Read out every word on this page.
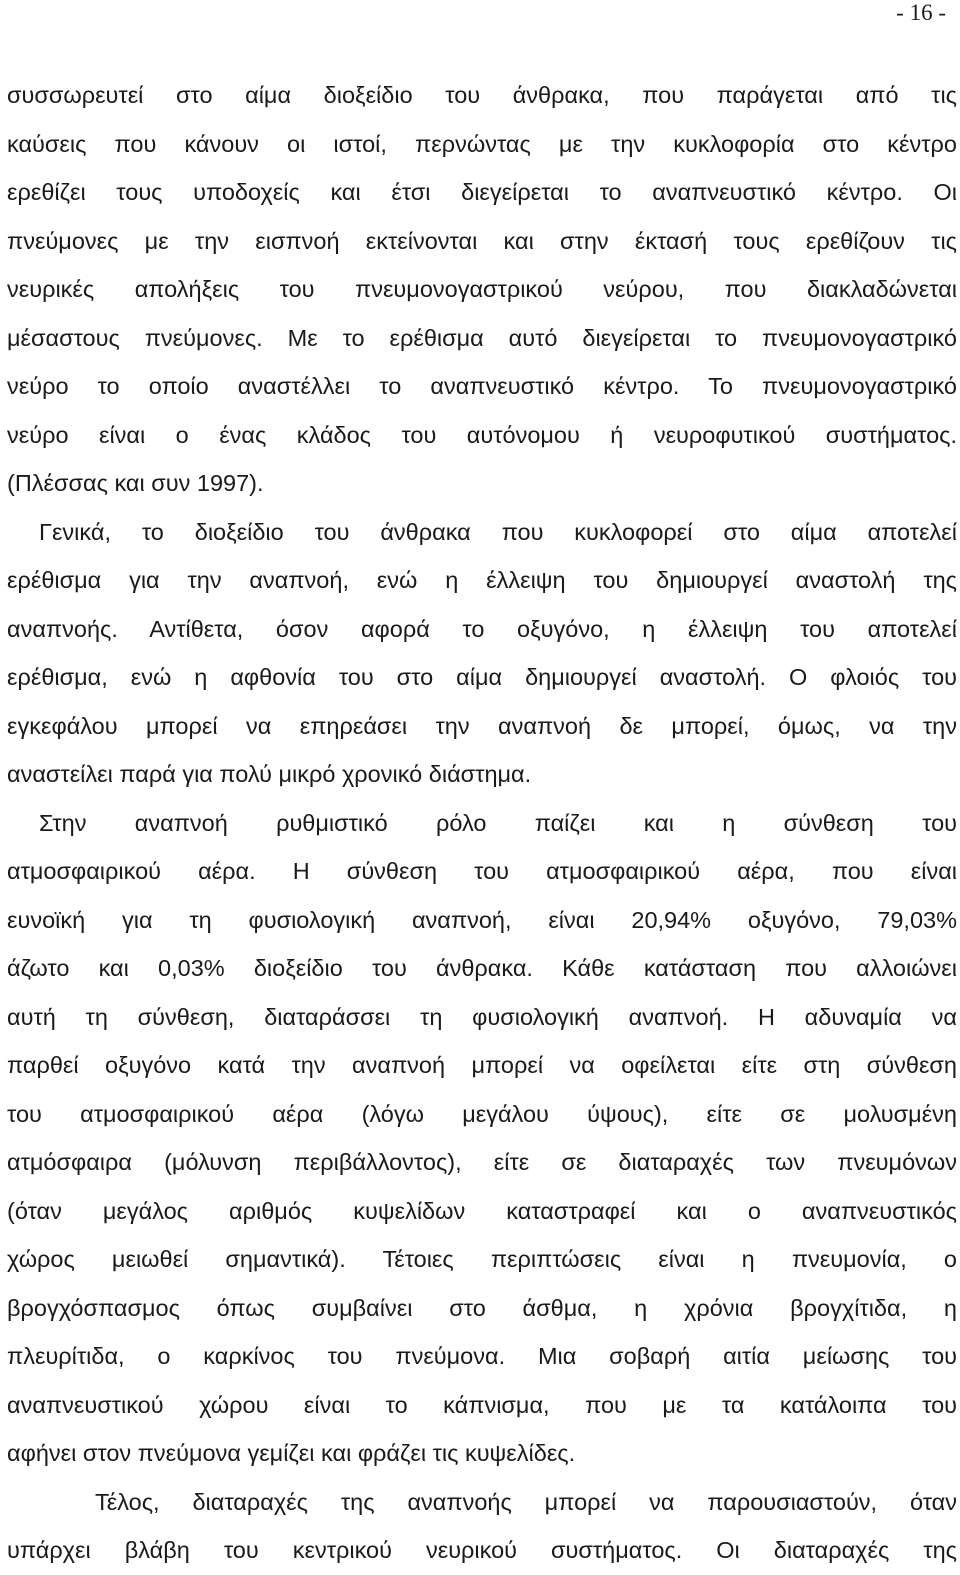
- 16 -
συσσωρευτεί στο αίμα διοξείδιο του άνθρακα, που παράγεται από τις
καύσεις που κάνουν οι ιστοί, περνώντας με την κυκλοφορία στο κέντρο
ερεθίζει τους υποδοχείς και έτσι διεγείρεται το αναπνευστικό κέντρο. Οι
πνεύμονες με την εισπνοή εκτείνονται και στην έκτασή τους ερεθίζουν τις
νευρικές απολήξεις του πνευμονογαστρικού νεύρου, που διακλαδώνεται
μέσαστους πνεύμονες. Με το ερέθισμα αυτό διεγείρεται το πνευμονογαστρικό
νεύρο το οποίο αναστέλλει το αναπνευστικό κέντρο. Το πνευμονογαστρικό
νεύρο είναι ο ένας κλάδος του αυτόνομου ή νευροφυτικού συστήματος.
(Πλέσσας και συν 1997).
Γενικά, το διοξείδιο του άνθρακα που κυκλοφορεί στο αίμα αποτελεί
ερέθισμα για την αναπνοή, ενώ η έλλειψη του δημιουργεί αναστολή της
αναπνοής. Αντίθετα, όσον αφορά το οξυγόνο, η έλλειψη του αποτελεί
ερέθισμα, ενώ η αφθονία του στο αίμα δημιουργεί αναστολή. Ο φλοιός του
εγκεφάλου μπορεί να επηρεάσει την αναπνοή δε μπορεί, όμως, να την
αναστείλει παρά για πολύ μικρό χρονικό διάστημα.
Στην αναπνοή ρυθμιστικό ρόλο παίζει και η σύνθεση του
ατμοσφαιρικού αέρα. Η σύνθεση του ατμοσφαιρικού αέρα, που είναι
ευνοϊκή για τη φυσιολογική αναπνοή, είναι 20,94% οξυγόνο, 79,03%
άζωτο και 0,03% διοξείδιο του άνθρακα. Κάθε κατάσταση που αλλοιώνει
αυτή τη σύνθεση, διαταράσσει τη φυσιολογική αναπνοή. Η αδυναμία να
παρθεί οξυγόνο κατά την αναπνοή μπορεί να οφείλεται είτε στη σύνθεση
του ατμοσφαιρικού αέρα (λόγω μεγάλου ύψους), είτε σε μολυσμένη
ατμόσφαιρα (μόλυνση περιβάλλοντος), είτε σε διαταραχές των πνευμόνων
(όταν μεγάλος αριθμός κυψελίδων καταστραφεί και ο αναπνευστικός
χώρος μειωθεί σημαντικά). Τέτοιες περιπτώσεις είναι η πνευμονία, ο
βρογχόσπασμος όπως συμβαίνει στο άσθμα, η χρόνια βρογχίτιδα, η
πλευρίτιδα, ο καρκίνος του πνεύμονα. Μια σοβαρή αιτία μείωσης του
αναπνευστικού χώρου είναι το κάπνισμα, που με τα κατάλοιπα του
αφήνει στον πνεύμονα γεμίζει και φράζει τις κυψελίδες.
Τέλος, διαταραχές της αναπνοής μπορεί να παρουσιαστούν, όταν
υπάρχει βλάβη του κεντρικού νευρικού συστήματος. Οι διαταραχές της
